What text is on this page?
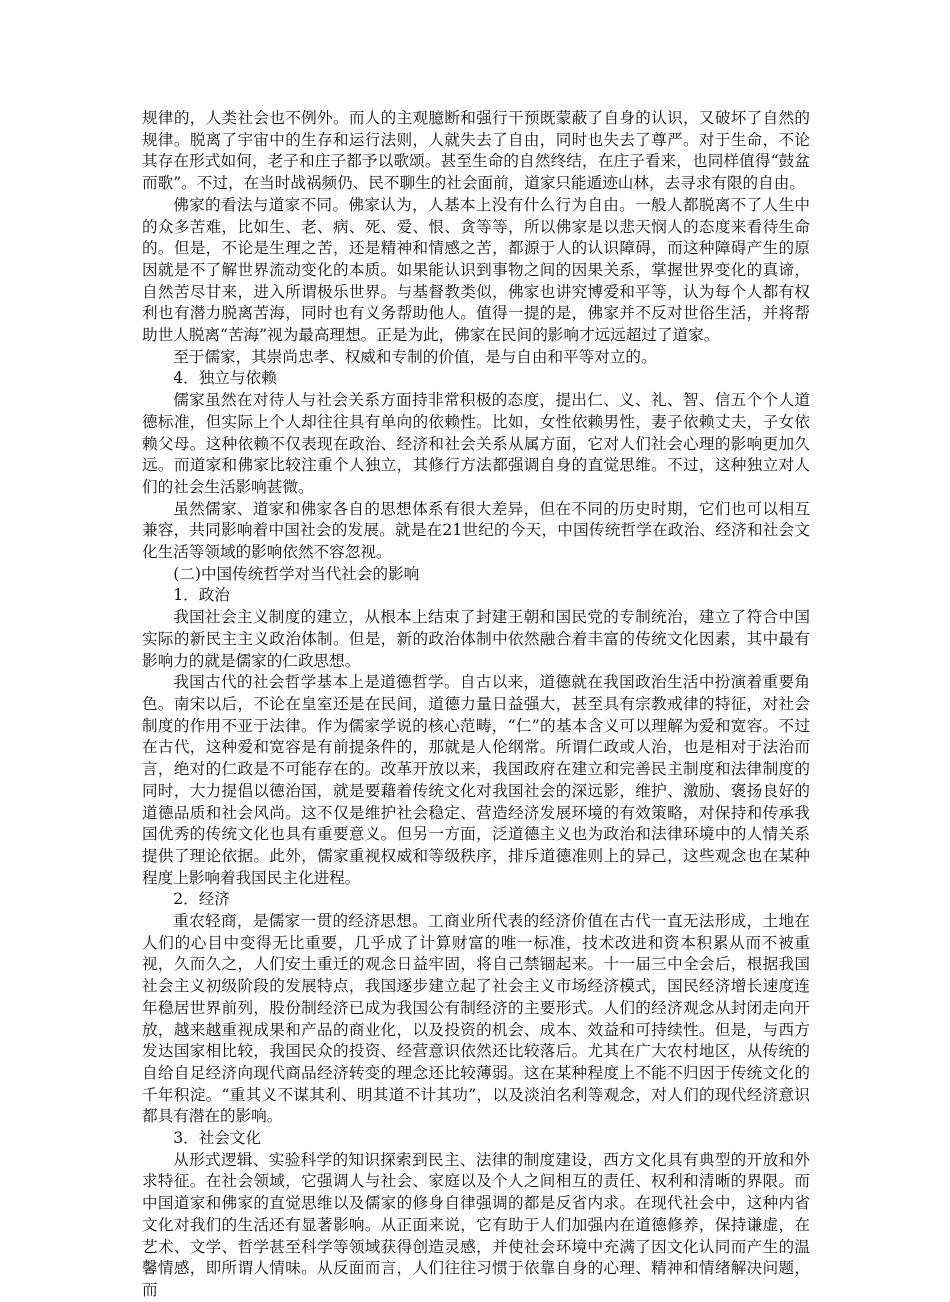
规律的，人类社会也不例外。而人的主观臆断和强行干预既蒙蔽了自身的认识，又破坏了自然的规律。脱离了宇宙中的生存和运行法则，人就失去了自由，同时也失去了尊严。对于生命，不论其存在形式如何，老子和庄子都予以歌颂。甚至生命的自然终结，在庄子看来，也同样值得“鼓盆而歌”。不过，在当时战祸频仍、民不聊生的社会面前，道家只能遁迹山林，去寻求有限的自由。

佛家的看法与道家不同。佛家认为，人基本上没有什么行为自由。一般人都脱离不了人生中的众多苦难，比如生、老、病、死、爱、恨、贪等等，所以佛家是以悲天悯人的态度来看待生命的。但是，不论是生理之苦，还是精神和情感之苦，都源于人的认识障碍，而这种障碍产生的原因就是不了解世界流动变化的本质。如果能认识到事物之间的因果关系，掌握世界变化的真谛，自然苦尽甘来，进入所谓极乐世界。与基督教类似，佛家也讲究博爱和平等，认为每个人都有权利也有潜力脱离苦海，同时也有义务帮助他人。值得一提的是，佛家并不反对世俗生活，并将帮助世人脱离“苦海”视为最高理想。正是为此，佛家在民间的影响才远远超过了道家。

至于儒家，其崇尚忠孝、权威和专制的价值，是与自由和平等对立的。

4．独立与依赖

儒家虽然在对待人与社会关系方面持非常积极的态度，提出仁、义、礼、智、信五个个人道德标准，但实际上个人却往往具有单向的依赖性。比如，女性依赖男性，妻子依赖丈夫，子女依赖父母。这种依赖不仅表现在政治、经济和社会关系从属方面，它对人们社会心理的影响更加久远。而道家和佛家比较注重个人独立，其修行方法都强调自身的直觉思维。不过，这种独立对人们的社会生活影响甚微。

虽然儒家、道家和佛家各自的思想体系有很大差异，但在不同的历史时期，它们也可以相互兼容，共同影响着中国社会的发展。就是在21世纪的今天，中国传统哲学在政治、经济和社会文化生活等领域的影响依然不容忽视。

(二)中国传统哲学对当代社会的影响

1．政治

我国社会主义制度的建立，从根本上结束了封建王朝和国民党的专制统治，建立了符合中国实际的新民主主义政治体制。但是，新的政治体制中依然融合着丰富的传统文化因素，其中最有影响力的就是儒家的仁政思想。

我国古代的社会哲学基本上是道德哲学。自古以来，道德就在我国政治生活中扮演着重要角色。南宋以后，不论在皇室还是在民间，道德力量日益强大，甚至具有宗教戒律的特征，对社会制度的作用不亚于法律。作为儒家学说的核心范畴，“仁”的基本含义可以理解为爱和宽容。不过在古代，这种爱和宽容是有前提条件的，那就是人伦纲常。所谓仁政或人治，也是相对于法治而言，绝对的仁政是不可能存在的。改革开放以来，我国政府在建立和完善民主制度和法律制度的同时，大力提倡以德治国，就是要藉着传统文化对我国社会的深远影，维护、激励、褒扬良好的道德品质和社会风尚。这不仅是维护社会稳定、营造经济发展环境的有效策略，对保持和传承我国优秀的传统文化也具有重要意义。但另一方面，泛道德主义也为政治和法律环境中的人情关系提供了理论依据。此外，儒家重视权威和等级秩序，排斥道德准则上的异己，这些观念也在某种程度上影响着我国民主化进程。

2．经济

重农轻商，是儒家一贯的经济思想。工商业所代表的经济价值在古代一直无法形成，土地在人们的心目中变得无比重要，几乎成了计算财富的唯一标准，技术改进和资本积累从而不被重视，久而久之，人们安土重迁的观念日益牢固，将自己禁锢起来。十一届三中全会后，根据我国社会主义初级阶段的发展特点，我国逐步建立起了社会主义市场经济模式，国民经济增长速度连年稳居世界前列，股份制经济已成为我国公有制经济的主要形式。人们的经济观念从封闭走向开放，越来越重视成果和产品的商业化，以及投资的机会、成本、效益和可持续性。但是，与西方发达国家相比较，我国民众的投资、经营意识依然还比较落后。尤其在广大农村地区，从传统的自给自足经济向现代商品经济转变的理念还比较薄弱。这在某种程度上不能不归因于传统文化的千年积淀。“重其义不谋其利、明其道不计其功”，以及淡泊名利等观念，对人们的现代经济意识都具有潜在的影响。

3．社会文化

从形式逻辑、实验科学的知识探索到民主、法律的制度建设，西方文化具有典型的开放和外求特征。在社会领域，它强调人与社会、家庭以及个人之间相互的责任、权利和清晰的界限。而中国道家和佛家的直觉思维以及儒家的修身自律强调的都是反省内求。在现代社会中，这种内省文化对我们的生活还有显著影响。从正面来说，它有助于人们加强内在道德修养，保持谦虚，在艺术、文学、哲学甚至科学等领域获得创造灵感，并使社会环境中充满了因文化认同而产生的温馨情感，即所谓人情味。从反面而言，人们往往习惯于依靠自身的心理、精神和情绪解决问题，而
